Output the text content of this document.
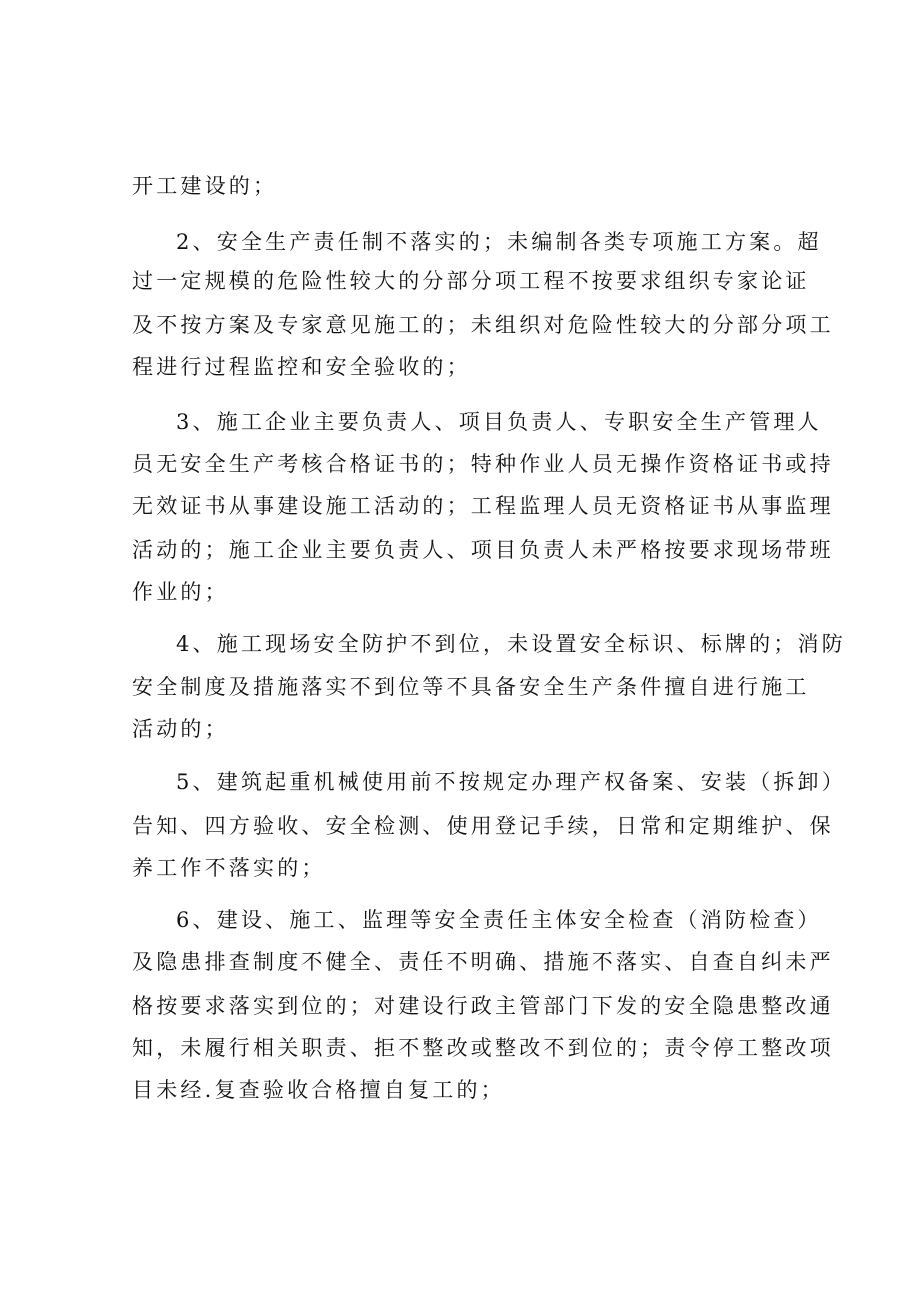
开工建设的；
2、安全生产责任制不落实的；未编制各类专项施工方案。超
过一定规模的危险性较大的分部分项工程不按要求组织专家论证
及不按方案及专家意见施工的；未组织对危险性较大的分部分项工
程进行过程监控和安全验收的；
3、施工企业主要负责人、项目负责人、专职安全生产管理人
员无安全生产考核合格证书的；特种作业人员无操作资格证书或持
无效证书从事建设施工活动的；工程监理人员无资格证书从事监理
活动的；施工企业主要负责人、项目负责人未严格按要求现场带班
作业的；
4、施工现场安全防护不到位，未设置安全标识、标牌的；消防
安全制度及措施落实不到位等不具备安全生产条件擅自进行施工
活动的；
5、建筑起重机械使用前不按规定办理产权备案、安装（拆卸）
告知、四方验收、安全检测、使用登记手续，日常和定期维护、保
养工作不落实的；
6、建设、施工、监理等安全责任主体安全检查（消防检查）
及隐患排查制度不健全、责任不明确、措施不落实、自查自纠未严
格按要求落实到位的；对建设行政主管部门下发的安全隐患整改通
知，未履行相关职责、拒不整改或整改不到位的；责令停工整改项
目未经.复查验收合格擅自复工的；
